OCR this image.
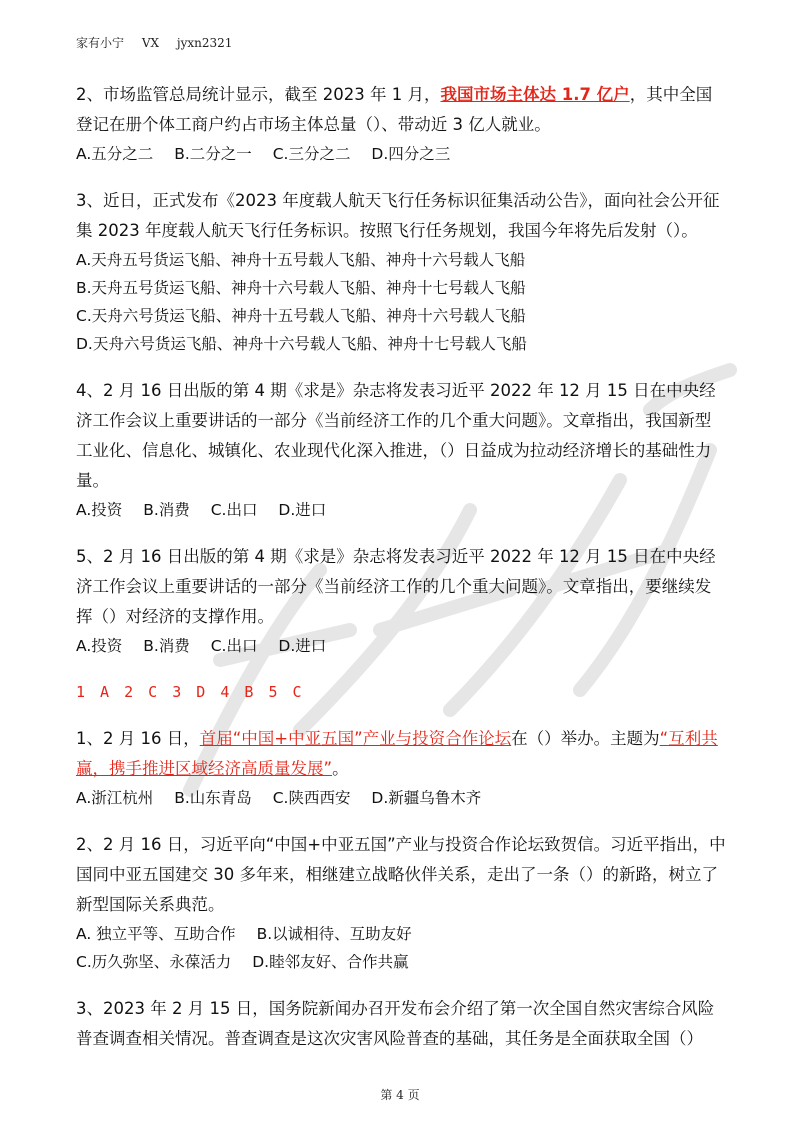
家有小宁 VX jyxn2321

2、市场监管总局统计显示，截至 2023 年 1 月，我国市场主体达 1.7 亿户，其中全国登记在册个体工商户约占市场主体总量（）、带动近 3 亿人就业。

A.五分之二 B.二分之一 C.三分之二 D.四分之三

3、近日，正式发布《2023 年度载人航天飞行任务标识征集活动公告》，面向社会公开征集 2023 年度载人航天飞行任务标识。按照飞行任务规划，我国今年将先后发射（）。

A.天舟五号货运飞船、神舟十五号载人飞船、神舟十六号载人飞船

B.天舟五号货运飞船、神舟十六号载人飞船、神舟十七号载人飞船

C.天舟六号货运飞船、神舟十五号载人飞船、神舟十六号载人飞船

D.天舟六号货运飞船、神舟十六号载人飞船、神舟十七号载人飞船

4、2 月 16 日出版的第 4 期《求是》杂志将发表习近平 2022 年 12 月 15 日在中央经济工作会议上重要讲话的一部分《当前经济工作的几个重大问题》。文章指出，我国新型工业化、信息化、城镇化、农业现代化深入推进，（）日益成为拉动经济增长的基础性力量。

A.投资 B.消费 C.出口 D.进口

5、2 月 16 日出版的第 4 期《求是》杂志将发表习近平 2022 年 12 月 15 日在中央经济工作会议上重要讲话的一部分《当前经济工作的几个重大问题》。文章指出，要继续发挥（）对经济的支撑作用。

A.投资 B.消费 C.出口 D.进口

1 A 2 C 3 D 4 B 5 C

1、2 月 16 日，首届“中国+中亚五国”产业与投资合作论坛在（）举办。主题为“互利共赢，携手推进区域经济高质量发展”。

A.浙江杭州 B.山东青岛 C.陕西西安 D.新疆乌鲁木齐

2、2 月 16 日，习近平向“中国+中亚五国”产业与投资合作论坛致贺信。习近平指出，中国同中亚五国建交 30 多年来，相继建立战略伙伴关系，走出了一条（）的新路，树立了新型国际关系典范。

A. 独立平等、互助合作 B.以诚相待、互助友好

C.历久弥坚、永葆活力 D.睦邻友好、合作共赢

3、2023 年 2 月 15 日，国务院新闻办召开发布会介绍了第一次全国自然灾害综合风险普查调查相关情况。普查调查是这次灾害风险普查的基础，其任务是全面获取全国（）

第 4 页
